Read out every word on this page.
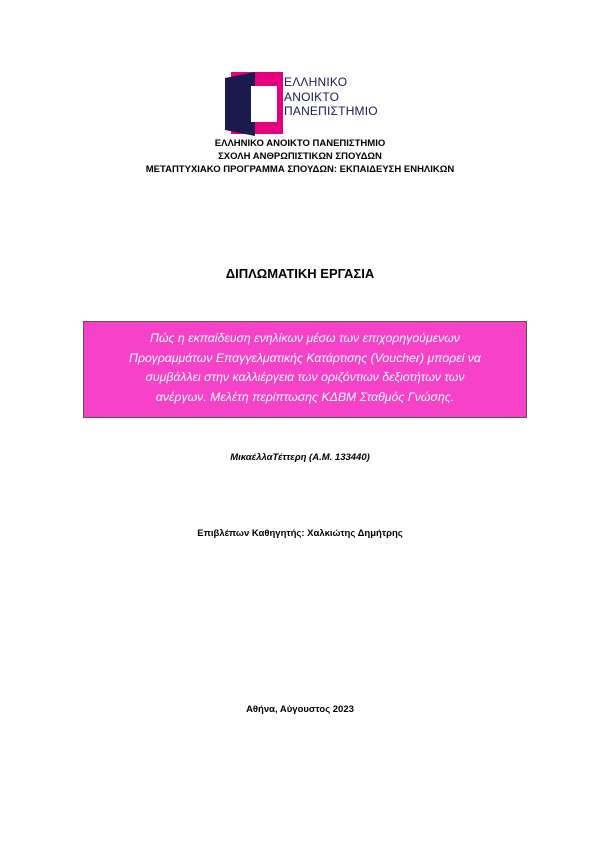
ΕΛΛΗΝΙΚΟ
ΑΝΟΙΚΤΟ
ΠΑΝΕΠΙΣΤΗΜΙΟ
ΕΛΛΗΝΙΚΟ ΑΝΟΙΚΤΟ ΠΑΝΕΠΙΣΤΗΜΙΟ
ΣΧΟΛΗ ΑΝΘΡΩΠΙΣΤΙΚΩΝ ΣΠΟΥΔΩΝ
ΜΕΤΑΠΤΥΧΙΑΚΟ ΠΡΟΓΡΑΜΜΑ ΣΠΟΥΔΩΝ: ΕΚΠΑΙΔΕΥΣΗ ΕΝΗΛΙΚΩΝ
ΔΙΠΛΩΜΑΤΙΚΗ ΕΡΓΑΣΙΑ
Πώς η εκπαίδευση ενηλίκων μέσω των επιχορηγούμενων
Προγραμμάτων Επαγγελματικής Κατάρτισης (Voucher) μπορεί να
συμβάλλει στην καλλιέργεια των οριζόντιων δεξιοτήτων των
ανέργων. Μελέτη περίπτωσης ΚΔΒΜ Σταθμός Γνώσης.
ΜικαέλλαΤέττερη (Α.Μ. 133440)
Επιβλέπων Καθηγητής: Χαλκιώτης Δημήτρης
Αθήνα, Αύγουστος 2023
